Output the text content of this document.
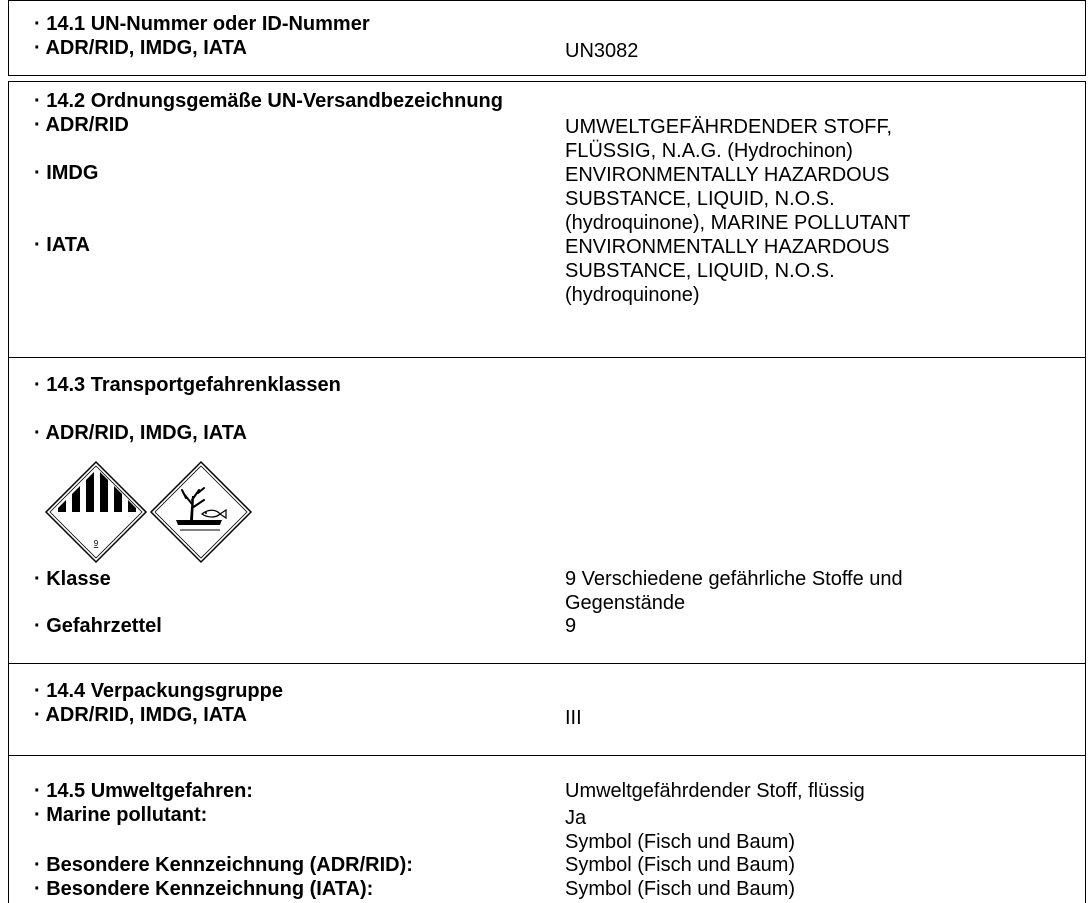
· 14.1 UN-Nummer oder ID-Nummer
· ADR/RID, IMDG, IATA	UN3082
· 14.2 Ordnungsgemäße UN-Versandbezeichnung
· ADR/RID	UMWELTGEFÄHRDENDER STOFF,
FLÜSSIG, N.A.G. (Hydrochinon)
· IMDG	ENVIRONMENTALLY HAZARDOUS
SUBSTANCE, LIQUID, N.O.S.
(hydroquinone), MARINE POLLUTANT
· IATA	ENVIRONMENTALLY HAZARDOUS
SUBSTANCE, LIQUID, N.O.S.
(hydroquinone)
· 14.3 Transportgefahrenklassen
· ADR/RID, IMDG, IATA
9
· Klasse	9 Verschiedene gefährliche Stoffe und
Gegenstände
· Gefahrzettel	9
· 14.4 Verpackungsgruppe
· ADR/RID, IMDG, IATA	III
· 14.5 Umweltgefahren:	Umweltgefährdender Stoff, flüssig
· Marine pollutant:	Ja
Symbol (Fisch und Baum)
· Besondere Kennzeichnung (ADR/RID):	Symbol (Fisch und Baum)
· Besondere Kennzeichnung (IATA):	Symbol (Fisch und Baum)
